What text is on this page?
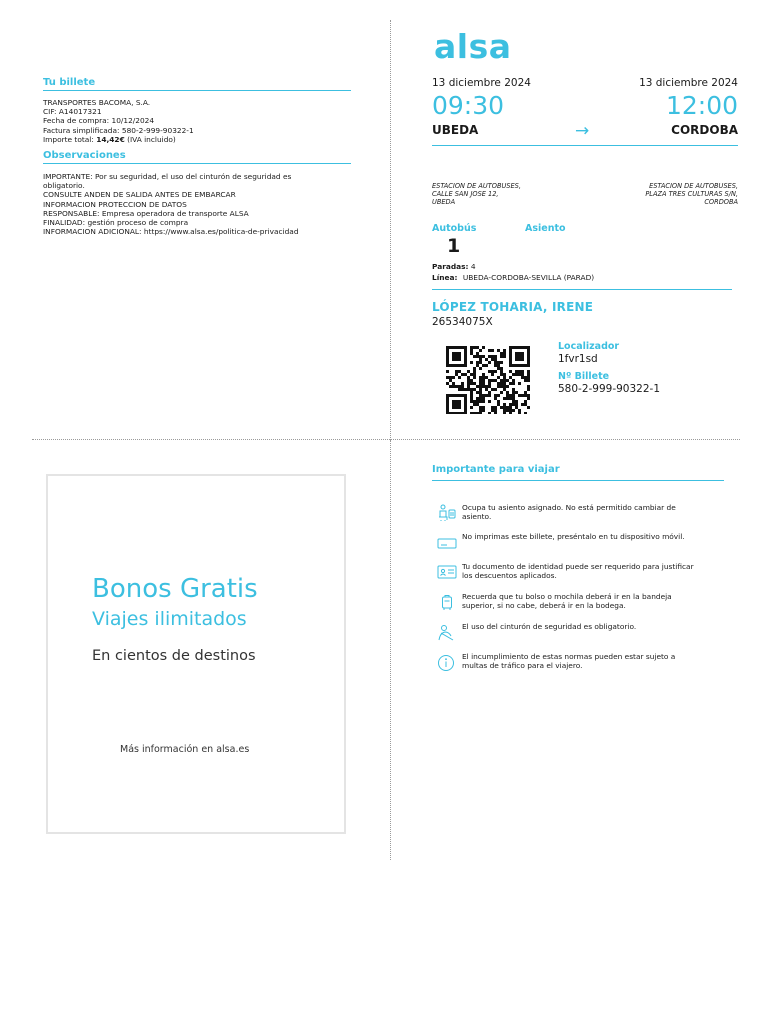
Tu billete
TRANSPORTES BACOMA, S.A.
CIF: A14017321
Fecha de compra: 10/12/2024
Factura simplificada: 580-2-999-90322-1
Importe total: 14,42€ (IVA incluido)
Observaciones
IMPORTANTE: Por su seguridad, el uso del cinturón de seguridad es
obligatorio.
CONSULTE ANDEN DE SALIDA ANTES DE EMBARCAR
INFORMACION PROTECCION DE DATOS
RESPONSABLE: Empresa operadora de transporte ALSA
FINALIDAD: gestión proceso de compra
INFORMACION ADICIONAL: https://www.alsa.es/politica-de-privacidad
alsa
13 diciembre 2024	13 diciembre 2024
09:30	12:00
UBEDA	→	CORDOBA
ESTACION DE AUTOBUSES,
CALLE SAN JOSE 12,
UBEDA
ESTACION DE AUTOBUSES,
PLAZA TRES CULTURAS S/N,
CORDOBA
Autobús	Asiento
1
Paradas: 4
Línea: UBEDA-CORDOBA-SEVILLA (PARAD)
LÓPEZ TOHARIA, IRENE
26534075X
Localizador
1fvr1sd
Nº Billete
580-2-999-90322-1
Bonos Gratis
Viajes ilimitados
En cientos de destinos
Más información en alsa.es
Importante para viajar
Ocupa tu asiento asignado. No está permitido cambiar de
asiento.
No imprimas este billete, preséntalo en tu dispositivo móvil.
Tu documento de identidad puede ser requerido para justificar
los descuentos aplicados.
Recuerda que tu bolso o mochila deberá ir en la bandeja
superior, si no cabe, deberá ir en la bodega.
El uso del cinturón de seguridad es obligatorio.
El incumplimiento de estas normas pueden estar sujeto a
multas de tráfico para el viajero.
